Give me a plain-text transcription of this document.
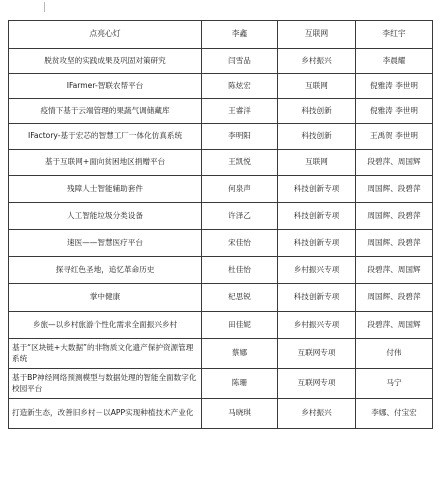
点亮心灯	李鑫	互联网	李红宇
脱贫攻坚的实践成果及巩固对策研究	闫雪品	乡村振兴	李晨耀
IFarmer-智联农帮平台	陈炫宏	互联网	倪雅涛 李世明
疫情下基于云端管理的果蔬气调储藏库	王睿洋	科技创新	倪雅涛 李世明
IFactory-基于宏芯的智慧工厂一体化仿真系统	李明阳	科技创新	王禹贺 李世明
基于互联网+面向贫困地区捐赠平台	王凯悦	互联网	段碧萍、周国辉
残障人士智能辅助套件	何泉声	科技创新专项	周国辉、段碧萍
人工智能垃圾分类设备	许泽乙	科技创新专项	周国辉、段碧萍
速医——智慧医疗平台	宋佳怡	科技创新专项	周国辉、段碧萍
探寻红色圣地，追忆革命历史	杜佳怡	乡村振兴专项	段碧萍、周国辉
掌中健康	杞思锐	科技创新专项	周国辉、段碧萍
乡旅—以乡村旅游个性化需求全面振兴乡村	田佳妮	乡村振兴专项	段碧萍、周国辉
基于“区块链+大数据”的非物质文化遗产保护资源管理系统	蔡娜	互联网专项	付伟
基于BP神经网络预测模型与数据处理的智能全面数字化校园平台	陈珊	互联网专项	马宁
打造新生态，改善旧乡村－以APP实现种植技术产业化	马晓琪	乡村振兴	李娜、付宝宏
